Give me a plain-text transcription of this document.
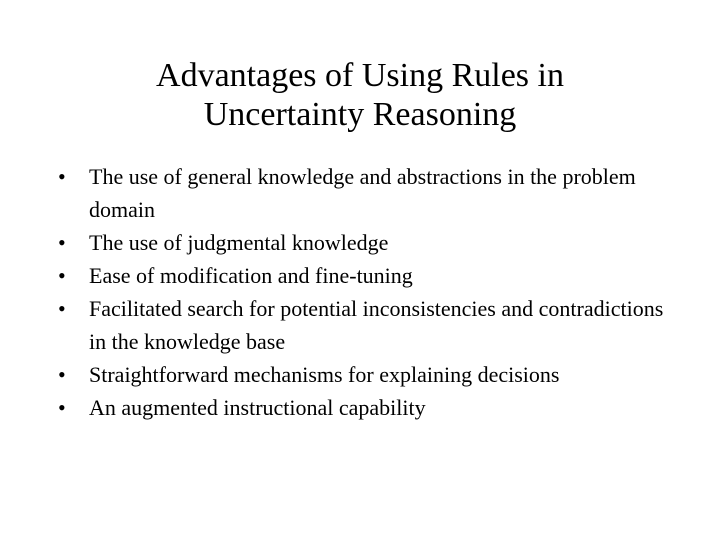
Advantages of Using Rules in
Uncertainty Reasoning
• The use of general knowledge and abstractions in the problem domain
• The use of judgmental knowledge
• Ease of modification and fine-tuning
• Facilitated search for potential inconsistencies and contradictions in the knowledge base
• Straightforward mechanisms for explaining decisions
• An augmented instructional capability
